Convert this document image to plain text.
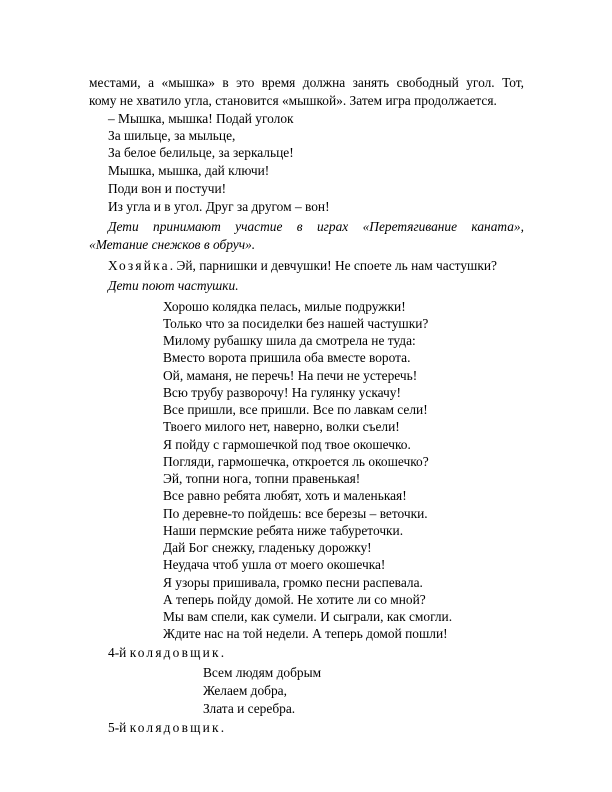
местами, а «мышка» в это время должна занять свободный угол. Тот,

кому не хватило угла, становится «мышкой». Затем игра продолжается.

– Мышка, мышка! Подай уголок

За шильце, за мыльце,

За белое белильце, за зеркальце!

Мышка, мышка, дай ключи!

Поди вон и постучи!

Из угла и в угол. Друг за другом – вон!

Дети принимают участие в играх «Перетягивание каната»,

«Метание снежков в обруч».

Хозяйка. Эй, парнишки и девчушки! Не споете ль нам частушки?

Дети поют частушки.

Хорошо колядка пелась, милые подружки!

Только что за посиделки без нашей частушки?

Милому рубашку шила да смотрела не туда:

Вместо ворота пришила оба вместе ворота.

Ой, маманя, не перечь! На печи не устеречь!

Всю трубу разворочу! На гулянку ускачу!

Все пришли, все пришли. Все по лавкам сели!

Твоего милого нет, наверно, волки съели!

Я пойду с гармошечкой под твое окошечко.

Погляди, гармошечка, откроется ль окошечко?

Эй, топни нога, топни правенькая!

Все равно ребята любят, хоть и маленькая!

По деревне-то пойдешь: все березы – веточки.

Наши пермские ребята ниже табуреточки.

Дай Бог снежку, гладеньку дорожку!

Неудача чтоб ушла от моего окошечка!

Я узоры пришивала, громко песни распевала.

А теперь пойду домой. Не хотите ли со мной?

Мы вам спели, как сумели. И сыграли, как смогли.

Ждите нас на той недели. А теперь домой пошли!

4-й колядовщик.

Всем людям добрым

Желаем добра,

Злата и серебра.

5-й колядовщик.
